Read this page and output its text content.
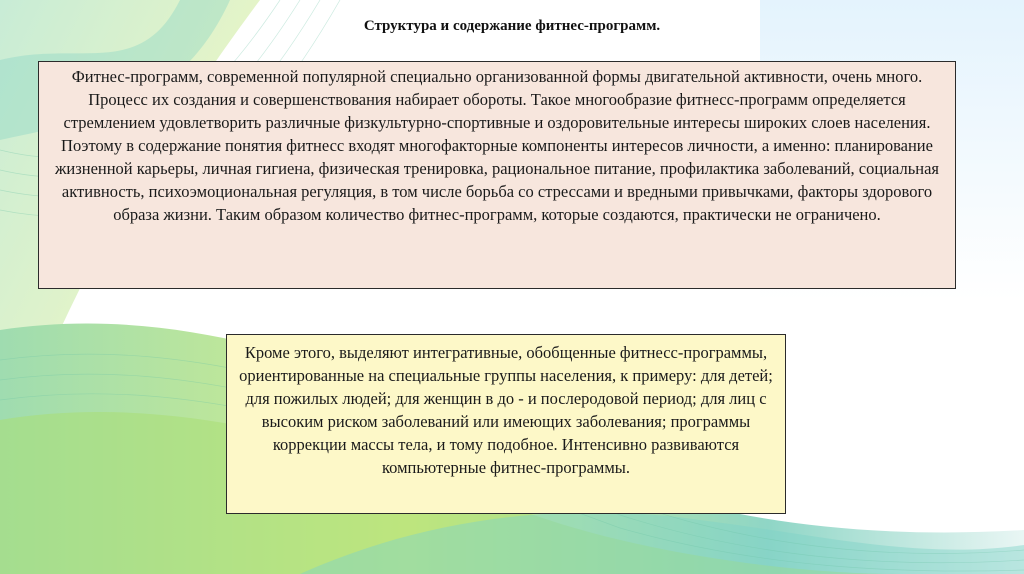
Структура и содержание фитнес-программ.
Фитнес-программ, современной популярной специально организованной формы двигательной активности, очень много. Процесс их создания и совершенствования набирает обороты. Такое многообразие фитнесс-программ определяется стремлением удовлетворить различные физкультурно-спортивные и оздоровительные интересы широких слоев населения. Поэтому в содержание понятия фитнесс входят многофакторные компоненты интересов личности, а именно: планирование жизненной карьеры, личная гигиена, физическая тренировка, рациональное питание, профилактика заболеваний, социальная активность, психоэмоциональная регуляция, в том числе борьба со стрессами и вредными привычками, факторы здорового образа жизни. Таким образом количество фитнес-программ, которые создаются, практически не ограничено.
Кроме этого, выделяют интегративные, обобщенные фитнесс-программы, ориентированные на специальные группы населения, к примеру: для детей; для пожилых людей; для женщин в до - и послеродовой период; для лиц с высоким риском заболеваний или имеющих заболевания; программы коррекции массы тела, и тому подобное. Интенсивно развиваются компьютерные фитнес-программы.
